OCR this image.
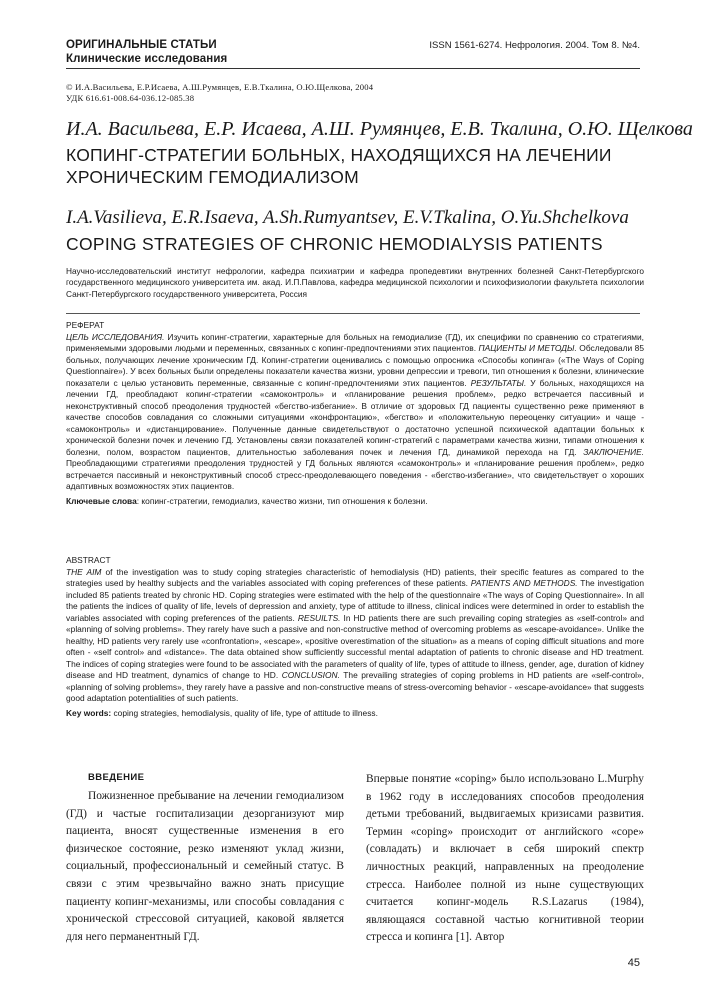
ОРИГИНАЛЬНЫЕ СТАТЬИ
Клинические исследования
ISSN 1561-6274. Нефрология. 2004. Том 8. №4.
© И.А.Васильева, Е.Р.Исаева, А.Ш.Румянцев, Е.В.Ткалина, О.Ю.Щелкова, 2004
УДК 616.61-008.64-036.12-085.38
И.А. Васильева, Е.Р. Исаева, А.Ш. Румянцев, Е.В. Ткалина, О.Ю. Щелкова
КОПИНГ-СТРАТЕГИИ БОЛЬНЫХ, НАХОДЯЩИХСЯ НА ЛЕЧЕНИИ ХРОНИЧЕСКИМ ГЕМОДИАЛИЗОМ
I.A.Vasilieva, E.R.Isaeva, A.Sh.Rumyantsev, E.V.Tkalina, O.Yu.Shchelkova
COPING STRATEGIES OF CHRONIC HEMODIALYSIS PATIENTS
Научно-исследовательский институт нефрологии, кафедра психиатрии и кафедра пропедевтики внутренних болезней Санкт-Петербургского государственного медицинского университета им. акад. И.П.Павлова, кафедра медицинской психологии и психофизиологии факультета психологии Санкт-Петербургского государственного университета, Россия
РЕФЕРАТ
ЦЕЛЬ ИССЛЕДОВАНИЯ. Изучить копинг-стратегии, характерные для больных на гемодиализе (ГД), их специфики по сравнению со стратегиями, применяемыми здоровыми людьми и переменных, связанных с копинг-предпочтениями этих пациентов. ПАЦИЕНТЫ И МЕТОДЫ. Обследовали 85 больных, получающих лечение хроническим ГД. Копинг-стратегии оценивались с помощью опросника «Способы копинга» («The Ways of Coping Questionnaire»). У всех больных были определены показатели качества жизни, уровни депрессии и тревоги, тип отношения к болезни, клинические показатели с целью установить переменные, связанные с копинг-предпочтениями этих пациентов. РЕЗУЛЬТАТЫ. У больных, находящихся на лечении ГД, преобладают копинг-стратегии «самоконтроль» и «планирование решения проблем», редко встречается пассивный и неконструктивный способ преодоления трудностей «бегство-избегание». В отличие от здоровых ГД пациенты существенно реже применяют в качестве способов совладания со сложными ситуациями «конфронтацию», «бегство» и «положительную переоценку ситуации» и чаще - «самоконтроль» и «дистанцирование». Полученные данные свидетельствуют о достаточно успешной психической адаптации больных к хронической болезни почек и лечению ГД. Установлены связи показателей копинг-стратегий с параметрами качества жизни, типами отношения к болезни, полом, возрастом пациентов, длительностью заболевания почек и лечения ГД, динамикой перехода на ГД. ЗАКЛЮЧЕНИЕ. Преобладающими стратегиями преодоления трудностей у ГД больных являются «самоконтроль» и «планирование решения проблем», редко встречается пассивный и неконструктивный способ стресс-преодолевающего поведения - «бегство-избегание», что свидетельствует о хороших адаптивных возможностях этих пациентов.
Ключевые слова: копинг-стратегии, гемодиализ, качество жизни, тип отношения к болезни.
ABSTRACT
THE AIM of the investigation was to study coping strategies characteristic of hemodialysis (HD) patients, their specific features as compared to the strategies used by healthy subjects and the variables associated with coping preferences of these patients. PATIENTS AND METHODS. The investigation included 85 patients treated by chronic HD. Coping strategies were estimated with the help of the questionnaire «The ways of Coping Questionnaire». In all the patients the indices of quality of life, levels of depression and anxiety, type of attitude to illness, clinical indices were determined in order to establish the variables associated with coping preferences of the patients. RESUILTS. In HD patients there are such prevailing coping strategies as «self-control» and «planning of solving problems». They rarely have such a passive and non-constructive method of overcoming problems as «escape-avoidance». Unlike the healthy, HD patients very rarely use «confrontation», «escape», «positive overestimation of the situation» as a means of coping difficult situations and more often - «self control» and «distance». The data obtained show sufficiently successful mental adaptation of patients to chronic disease and HD treatment. The indices of coping strategies were found to be associated with the parameters of quality of life, types of attitude to illness, gender, age, duration of kidney disease and HD treatment, dynamics of change to HD. CONCLUSION. The prevailing strategies of coping problems in HD patients are «self-control», «planning of solving problems», they rarely have a passive and non-constructive means of stress-overcoming behavior - «escape-avoidance» that suggests good adaptation potentialities of such patients.
Key words: coping strategies, hemodialysis, quality of life, type of attitude to illness.
ВВЕДЕНИЕ

Пожизненное пребывание на лечении гемодиализом (ГД) и частые госпитализации дезорганизуют мир пациента, вносят существенные изменения в его физическое состояние, резко изменяют уклад жизни, социальный, профессиональный и семейный статус. В связи с этим чрезвычайно важно знать присущие пациенту копинг-механизмы, или способы совладания с хронической стрессовой ситуацией, каковой является для него перманентный ГД.

Впервые понятие «coping» было использовано L.Murphy в 1962 году в исследованиях способов преодоления детьми требований, выдвигаемых кризисами развития. Термин «coping» происходит от английского «cope» (совладать) и включает в себя широкий спектр личностных реакций, направленных на преодоление стресса. Наиболее полной из ныне существующих считается копинг-модель R.S.Lazarus (1984), являющаяся составной частью когнитивной теории стресса и копинга [1]. Автор

45
